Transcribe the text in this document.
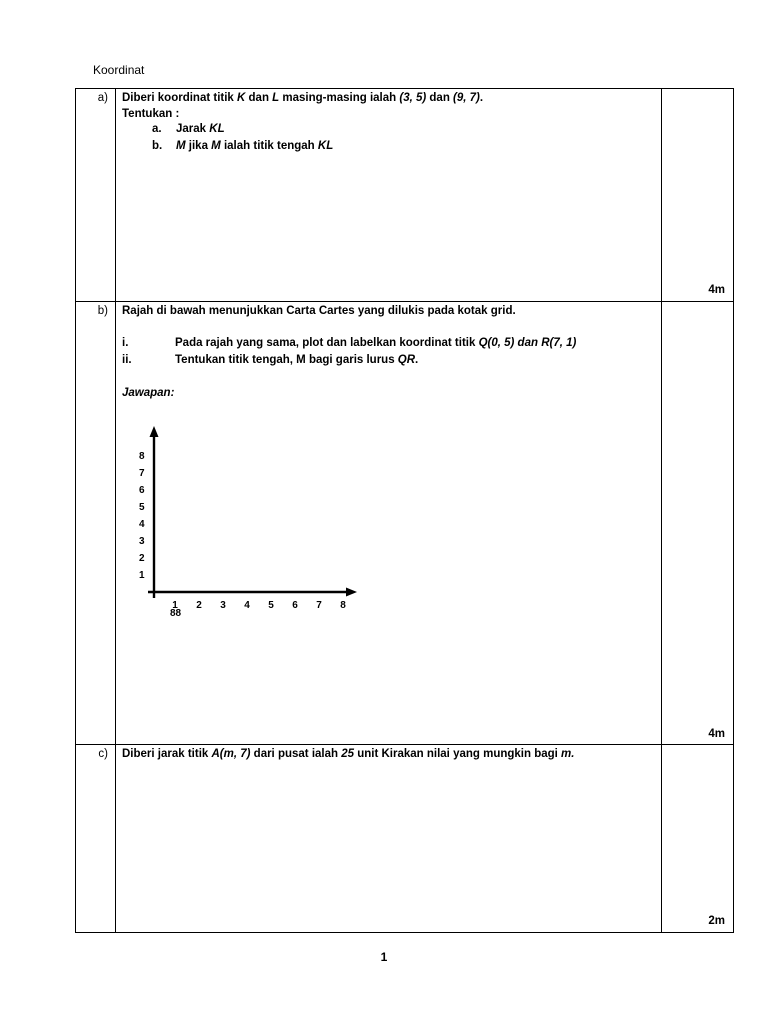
Koordinat
a)	Diberi koordinat titik K dan L masing-masing ialah (3, 5) dan (9, 7).
Tentukan :
a. Jarak KL
b. M jika M ialah titik tengah KL
4m
b)	Rajah di bawah menunjukkan Carta Cartes yang dilukis pada kotak grid.
i.	Pada rajah yang sama, plot dan labelkan koordinat titik Q(0, 5) dan R(7, 1)
ii.	Tentukan titik tengah, M bagi garis lurus QR.
Jawapan:
1 2 3 4 5 6 7 8
1
2
3
4
5
6
7
8
88
4m
c)	Diberi jarak titik A(m, 7) dari pusat ialah 25 unit Kirakan nilai yang mungkin bagi m.
2m
1
